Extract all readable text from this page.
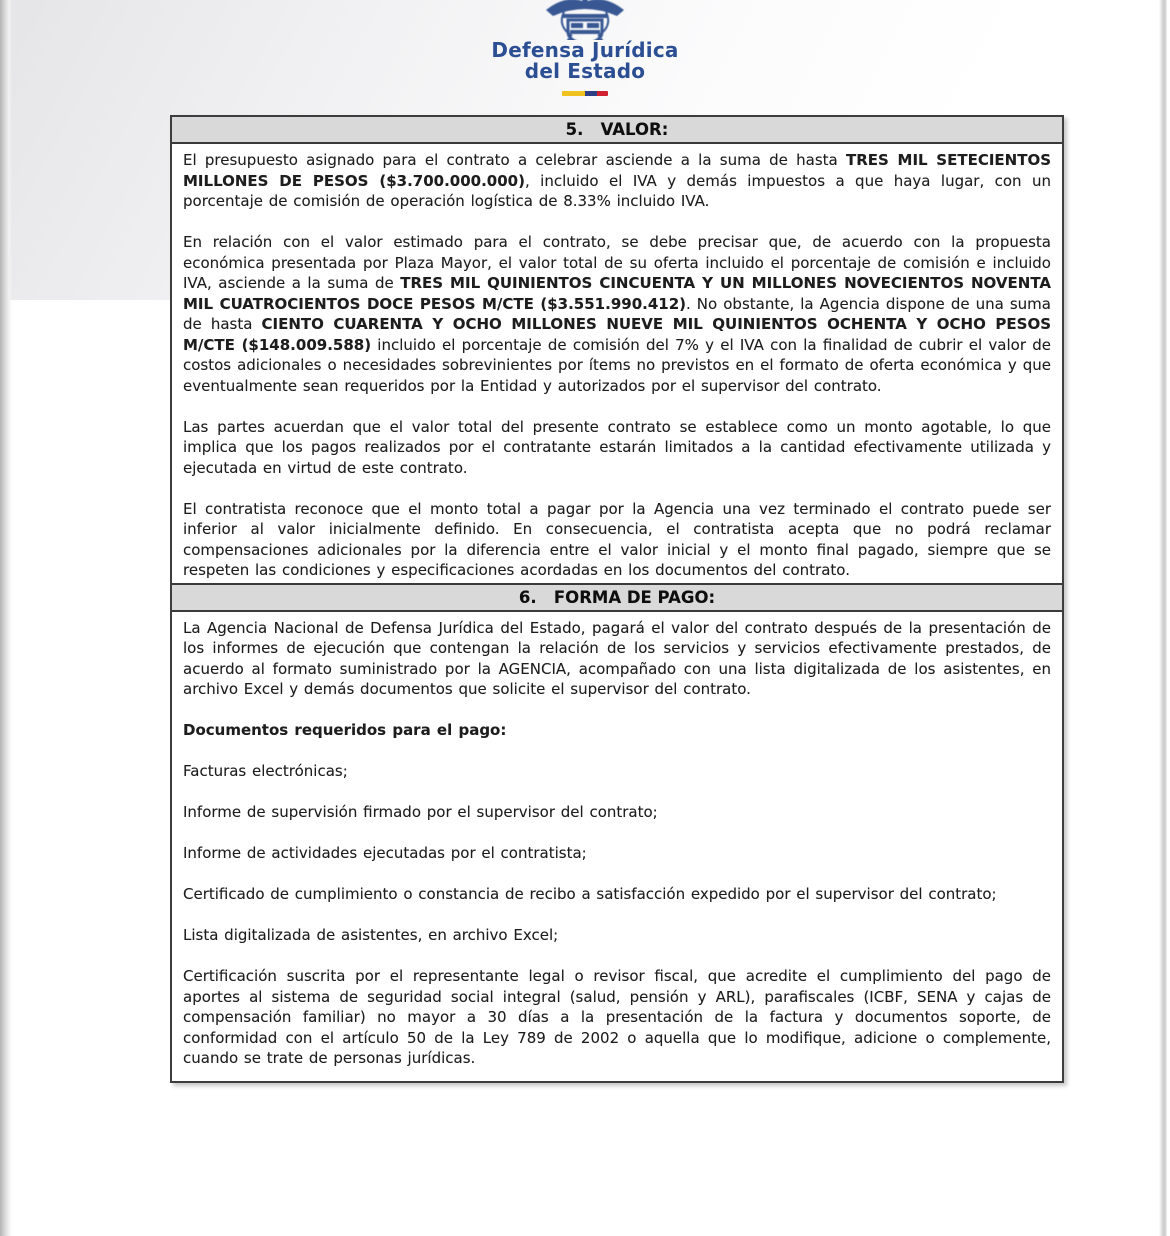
Defensa Jurídica
del Estado
5.   VALOR:

El presupuesto asignado para el contrato a celebrar asciende a la suma de hasta TRES MIL SETECIENTOS MILLONES DE PESOS ($3.700.000.000), incluido el IVA y demás impuestos a que haya lugar, con un porcentaje de comisión de operación logística de 8.33% incluido IVA.

En relación con el valor estimado para el contrato, se debe precisar que, de acuerdo con la propuesta económica presentada por Plaza Mayor, el valor total de su oferta incluido el porcentaje de comisión e incluido IVA, asciende a la suma de TRES MIL QUINIENTOS CINCUENTA Y UN MILLONES NOVECIENTOS NOVENTA MIL CUATROCIENTOS DOCE PESOS M/CTE ($3.551.990.412). No obstante, la Agencia dispone de una suma de hasta CIENTO CUARENTA Y OCHO MILLONES NUEVE MIL QUINIENTOS OCHENTA Y OCHO PESOS M/CTE ($148.009.588) incluido el porcentaje de comisión del 7% y el IVA con la finalidad de cubrir el valor de costos adicionales o necesidades sobrevinientes por ítems no previstos en el formato de oferta económica y que eventualmente sean requeridos por la Entidad y autorizados por el supervisor del contrato.

Las partes acuerdan que el valor total del presente contrato se establece como un monto agotable, lo que implica que los pagos realizados por el contratante estarán limitados a la cantidad efectivamente utilizada y ejecutada en virtud de este contrato.

El contratista reconoce que el monto total a pagar por la Agencia una vez terminado el contrato puede ser inferior al valor inicialmente definido. En consecuencia, el contratista acepta que no podrá reclamar compensaciones adicionales por la diferencia entre el valor inicial y el monto final pagado, siempre que se respeten las condiciones y especificaciones acordadas en los documentos del contrato.

6.   FORMA DE PAGO:

La Agencia Nacional de Defensa Jurídica del Estado, pagará el valor del contrato después de la presentación de los informes de ejecución que contengan la relación de los servicios y servicios efectivamente prestados, de acuerdo al formato suministrado por la AGENCIA, acompañado con una lista digitalizada de los asistentes, en archivo Excel y demás documentos que solicite el supervisor del contrato.

Documentos requeridos para el pago:

Facturas electrónicas;

Informe de supervisión firmado por el supervisor del contrato;

Informe de actividades ejecutadas por el contratista;

Certificado de cumplimiento o constancia de recibo a satisfacción expedido por el supervisor del contrato;

Lista digitalizada de asistentes, en archivo Excel;

Certificación suscrita por el representante legal o revisor fiscal, que acredite el cumplimiento del pago de aportes al sistema de seguridad social integral (salud, pensión y ARL), parafiscales (ICBF, SENA y cajas de compensación familiar) no mayor a 30 días a la presentación de la factura y documentos soporte, de conformidad con el artículo 50 de la Ley 789 de 2002 o aquella que lo modifique, adicione o complemente, cuando se trate de personas jurídicas.
